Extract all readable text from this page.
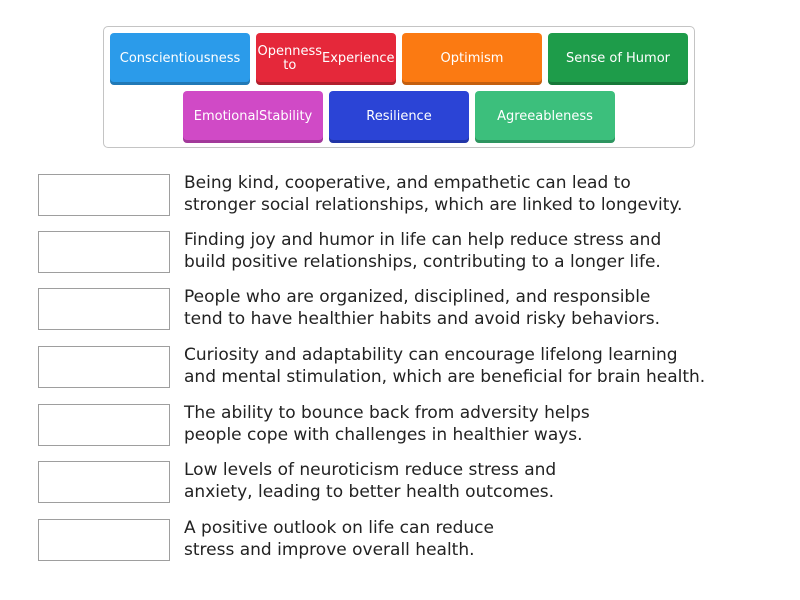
Conscientiousness Openness to	Experience	Optimism	Sense of Humor
Emotional Stability	Resilience	Agreeableness
Being kind, cooperative, and empathetic can lead to
stronger social relationships, which are linked to longevity.
Finding joy and humor in life can help reduce stress and
build positive relationships, contributing to a longer life.
People who are organized, disciplined, and responsible
tend to have healthier habits and avoid risky behaviors.
Curiosity and adaptability can encourage lifelong learning
and mental stimulation, which are beneficial for brain health.
The ability to bounce back from adversity helps
people cope with challenges in healthier ways.
Low levels of neuroticism reduce stress and
anxiety, leading to better health outcomes.
A positive outlook on life can reduce
stress and improve overall health.
